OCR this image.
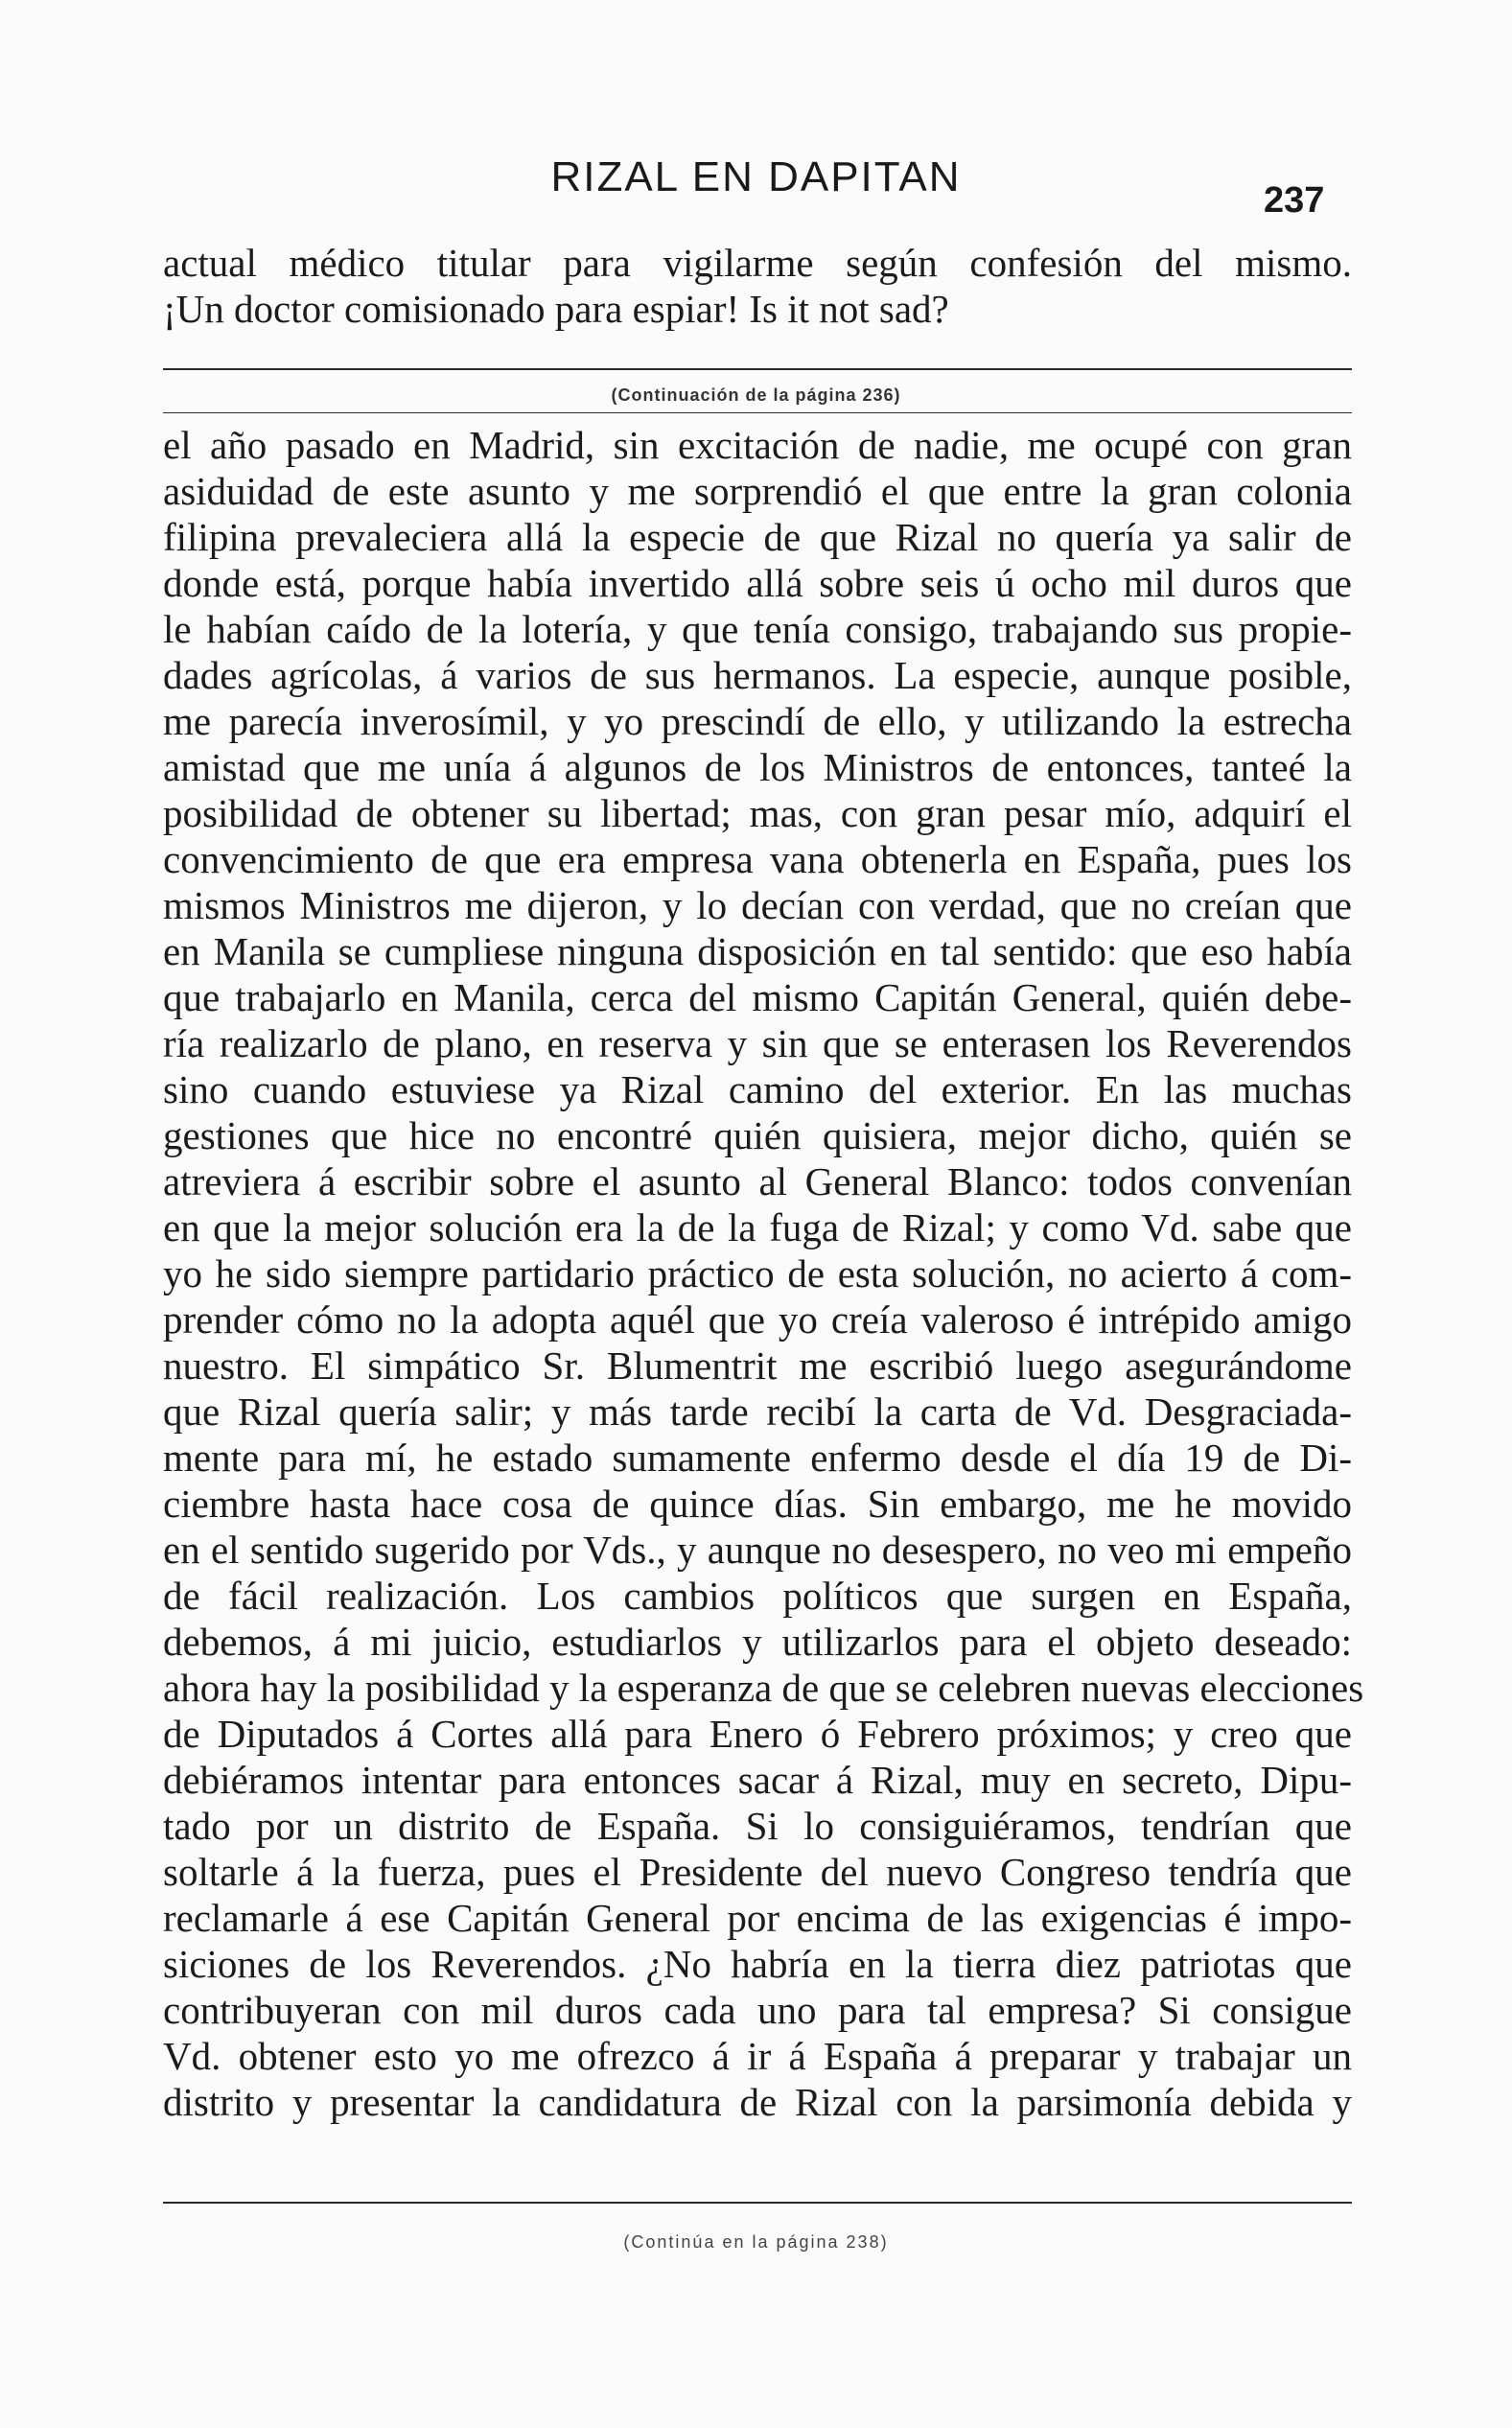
RIZAL EN DAPITAN	237
actual médico titular para vigilarme según confesión del mismo.
¡Un doctor comisionado para espiar! Is it not sad?
(Continuación de la página 236)
el año pasado en Madrid, sin excitación de nadie, me ocupé con gran
asiduidad de este asunto y me sorprendió el que entre la gran colonia
filipina prevaleciera allá la especie de que Rizal no quería ya salir de
donde está, porque había invertido allá sobre seis ú ocho mil duros que
le habían caído de la lotería, y que tenía consigo, trabajando sus propie-
dades agrícolas, á varios de sus hermanos. La especie, aunque posible,
me parecía inverosímil, y yo prescindí de ello, y utilizando la estrecha
amistad que me unía á algunos de los Ministros de entonces, tanteé la
posibilidad de obtener su libertad; mas, con gran pesar mío, adquirí el
convencimiento de que era empresa vana obtenerla en España, pues los
mismos Ministros me dijeron, y lo decían con verdad, que no creían que
en Manila se cumpliese ninguna disposición en tal sentido: que eso había
que trabajarlo en Manila, cerca del mismo Capitán General, quién debe-
ría realizarlo de plano, en reserva y sin que se enterasen los Reverendos
sino cuando estuviese ya Rizal camino del exterior. En las muchas
gestiones que hice no encontré quién quisiera, mejor dicho, quién se
atreviera á escribir sobre el asunto al General Blanco: todos convenían
en que la mejor solución era la de la fuga de Rizal; y como Vd. sabe que
yo he sido siempre partidario práctico de esta solución, no acierto á com-
prender cómo no la adopta aquél que yo creía valeroso é intrépido amigo
nuestro. El simpático Sr. Blumentrit me escribió luego asegurándome
que Rizal quería salir; y más tarde recibí la carta de Vd. Desgraciada-
mente para mí, he estado sumamente enfermo desde el día 19 de Di-
ciembre hasta hace cosa de quince días. Sin embargo, me he movido
en el sentido sugerido por Vds., y aunque no desespero, no veo mi empeño
de fácil realización. Los cambios políticos que surgen en España,
debemos, á mi juicio, estudiarlos y utilizarlos para el objeto deseado:
ahora hay la posibilidad y la esperanza de que se celebren nuevas elecciones
de Diputados á Cortes allá para Enero ó Febrero próximos; y creo que
debiéramos intentar para entonces sacar á Rizal, muy en secreto, Dipu-
tado por un distrito de España. Si lo consiguiéramos, tendrían que
soltarle á la fuerza, pues el Presidente del nuevo Congreso tendría que
reclamarle á ese Capitán General por encima de las exigencias é impo-
siciones de los Reverendos. ¿No habría en la tierra diez patriotas que
contribuyeran con mil duros cada uno para tal empresa? Si consigue
Vd. obtener esto yo me ofrezco á ir á España á preparar y trabajar un
distrito y presentar la candidatura de Rizal con la parsimonía debida y
(Continúa en la página 238)
